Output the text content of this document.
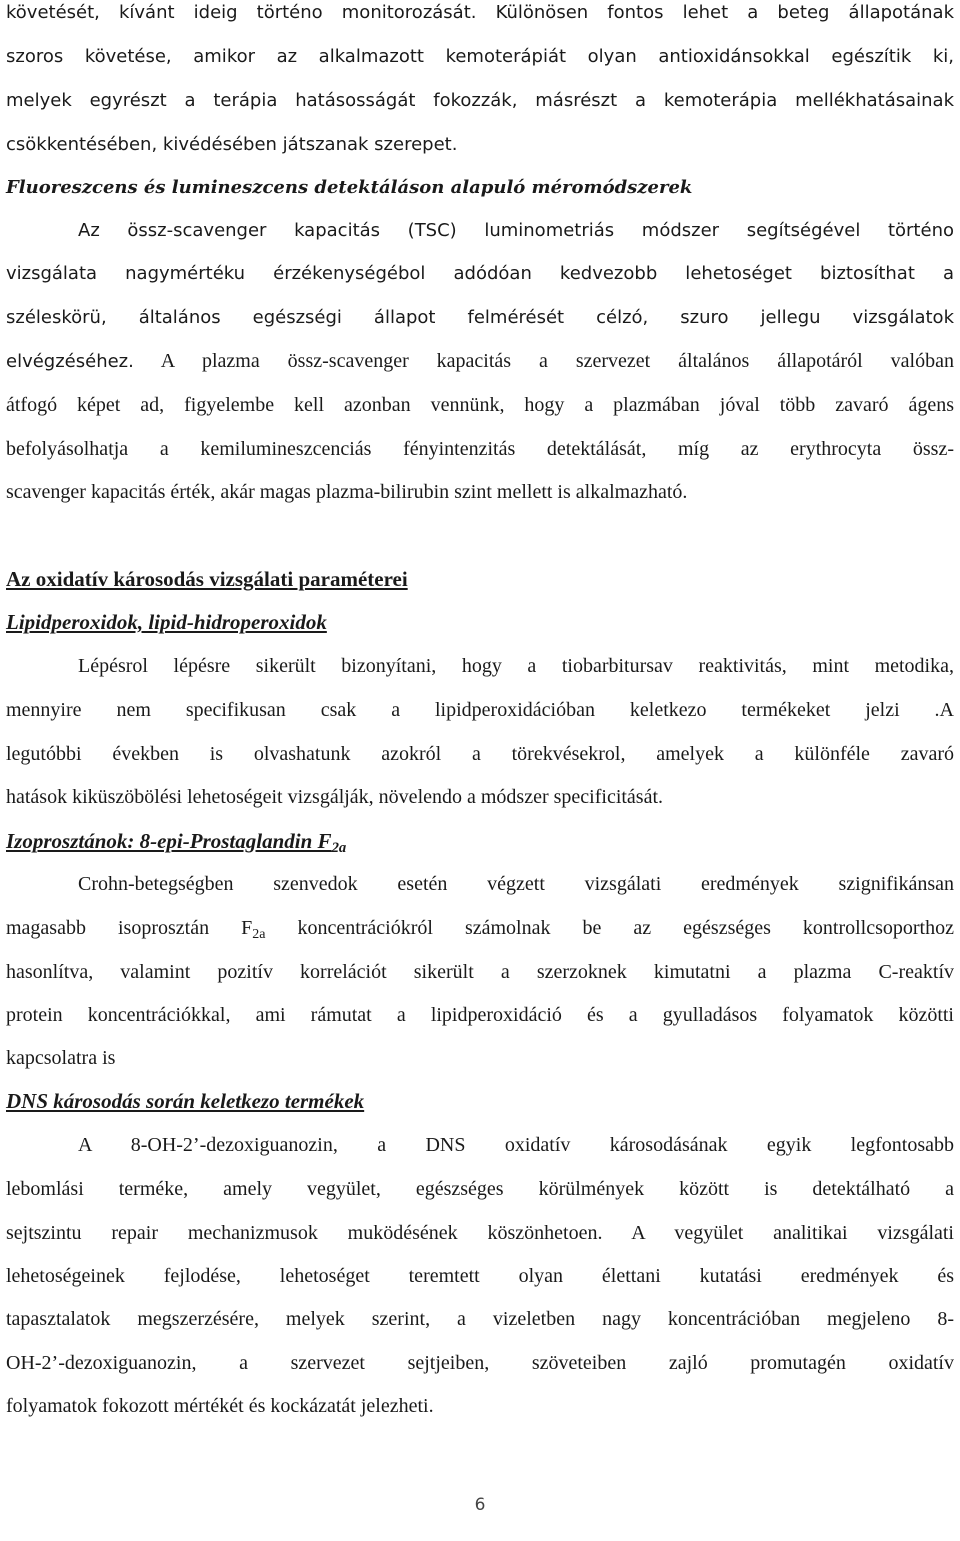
követését, kívánt ideig történo monitorozását. Különösen fontos lehet a beteg állapotának
szoros követése, amikor az alkalmazott kemoterápiát olyan antioxidánsokkal egészítik ki,
melyek egyrészt a terápia hatásosságát fokozzák, másrészt a kemoterápia mellékhatásainak
csökkentésében, kivédésében játszanak szerepet.
Fluoreszcens és lumineszcens detektáláson alapuló méromódszerek
Az össz-scavenger kapacitás (TSC) luminometriás módszer segítségével történo
vizsgálata nagymértéku érzékenységébol adódóan kedvezobb lehetoséget biztosíthat a
széleskörü, általános egészségi állapot felmérését célzó, szuro jellegu vizsgálatok
elvégzéséhez. A plazma össz-scavenger kapacitás a szervezet általános állapotáról valóban
átfogó képet ad, figyelembe kell azonban vennünk, hogy a plazmában jóval több zavaró ágens
befolyásolhatja a kemilumineszcenciás fényintenzitás detektálását, míg az erythrocyta össz-
scavenger kapacitás érték, akár magas plazma-bilirubin szint mellett is alkalmazható.
Az oxidatív károsodás vizsgálati paraméterei
Lipidperoxidok, lipid-hidroperoxidok
Lépésrol lépésre sikerült bizonyítani, hogy a tiobarbitursav reaktivitás, mint metodika,
mennyire nem specifikusan csak a lipidperoxidációban keletkezo termékeket jelzi .A
legutóbbi években is olvashatunk azokról a törekvésekrol, amelyek a különféle zavaró
hatások kiküszöbölési lehetoségeit vizsgálják, növelendo a módszer specificitását.
Izoprosztánok: 8-epi-Prostaglandin $F_{2a}$
Crohn-betegségben szenvedok esetén végzett vizsgálati eredmények szignifikánsan
magasabb isoprosztán $F_{2a}$ koncentrációkról számolnak be az egészséges kontrollcsoporthoz
hasonlítva, valamint pozitív korrelációt sikerült a szerzoknek kimutatni a plazma C-reaktív
protein koncentrációkkal, ami rámutat a lipidperoxidáció és a gyulladásos folyamatok közötti
kapcsolatra is
DNS károsodás során keletkezo termékek
A 8-OH-2’-dezoxiguanozin, a DNS oxidatív károsodásának egyik legfontosabb
lebomlási terméke, amely vegyület, egészséges körülmények között is detektálható a
sejtszintu repair mechanizmusok muködésének köszönhetoen. A vegyület analitikai vizsgálati
lehetoségeinek fejlodése, lehetoséget teremtett olyan élettani kutatási eredmények és
tapasztalatok megszerzésére, melyek szerint, a vizeletben nagy koncentrációban megjeleno 8-
OH-2’-dezoxiguanozin, a szervezet sejtjeiben, szöveteiben zajló promutagén oxidatív
folyamatok fokozott mértékét és kockázatát jelezheti.
6
